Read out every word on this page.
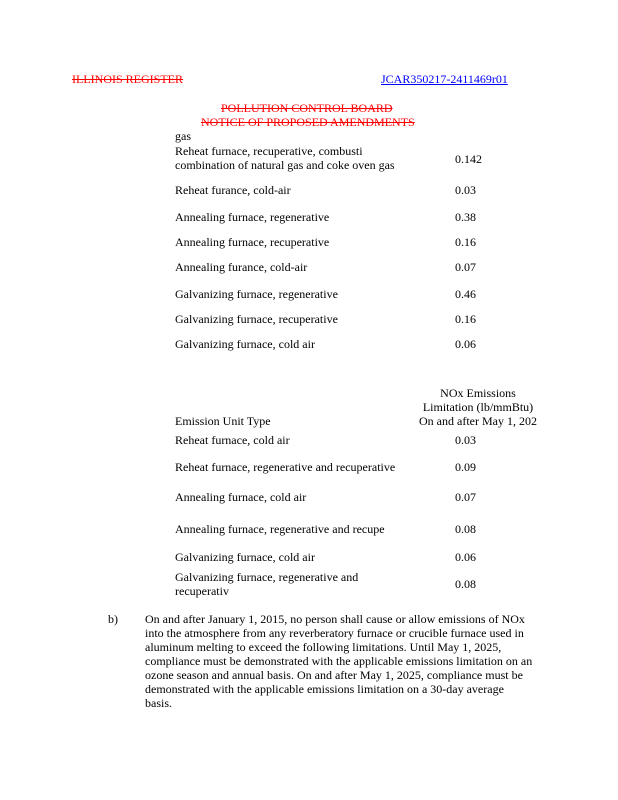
ILLINOIS REGISTER	JCAR350217-2411469r01
POLLUTION CONTROL BOARD
NOTICE OF PROPOSED AMENDMENTS
gas
Reheat furnace, recuperative, combusti
combination of natural gas and coke oven gas	0.142
Reheat furance, cold-air	0.03
Annealing furnace, regenerative	0.38
Annealing furnace, recuperative	0.16
Annealing furance, cold-air	0.07
Galvanizing furnace, regenerative	0.46
Galvanizing furnace, recuperative	0.16
Galvanizing furnace, cold air	0.06
NOx Emissions
Limitation (lb/mmBtu)
On and after May 1, 202
Emission Unit Type
Reheat furnace, cold air	0.03
Reheat furnace, regenerative and recuperative	0.09
Annealing furnace, cold air	0.07
Annealing furnace, regenerative and recupe	0.08
Galvanizing furnace, cold air	0.06
Galvanizing furnace, regenerative and
recuperativ	0.08
b) On and after January 1, 2015, no person shall cause or allow emissions of NOx
into the atmosphere from any reverberatory furnace or crucible furnace used in
aluminum melting to exceed the following limitations. Until May 1, 2025,
compliance must be demonstrated with the applicable emissions limitation on an
ozone season and annual basis. On and after May 1, 2025, compliance must be
demonstrated with the applicable emissions limitation on a 30-day average
basis.
